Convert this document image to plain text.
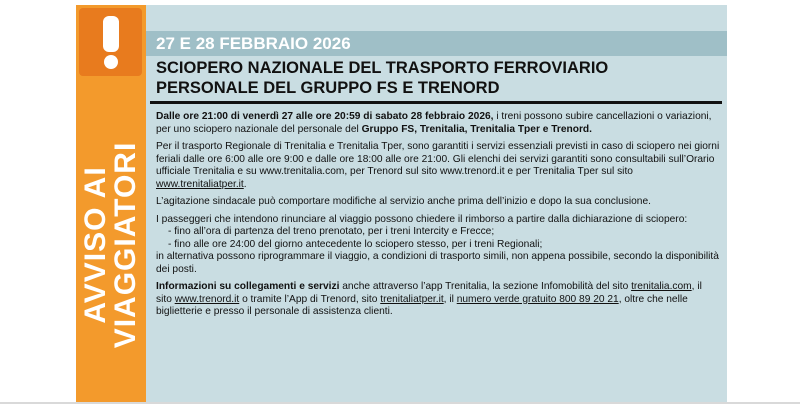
AVVISO AI
VIAGGIATORI
27 E 28 FEBBRAIO 2026
SCIOPERO NAZIONALE DEL TRASPORTO FERROVIARIO
PERSONALE DEL GRUPPO FS E TRENORD

Dalle ore 21:00 di venerdì 27 alle ore 20:59 di sabato 28 febbraio 2026, i treni possono subire cancellazioni o variazioni, per uno sciopero nazionale del personale del Gruppo FS, Trenitalia, Trenitalia Tper e Trenord.

Per il trasporto Regionale di Trenitalia e Trenitalia Tper, sono garantiti i servizi essenziali previsti in caso di sciopero nei giorni feriali dalle ore 6:00 alle ore 9:00 e dalle ore 18:00 alle ore 21:00. Gli elenchi dei servizi garantiti sono consultabili sull’Orario ufficiale Trenitalia e su www.trenitalia.com, per Trenord sul sito www.trenord.it e per Trenitalia Tper sul sito www.trenitaliatper.it.

L’agitazione sindacale può comportare modifiche al servizio anche prima dell’inizio e dopo la sua conclusione.

I passeggeri che intendono rinunciare al viaggio possono chiedere il rimborso a partire dalla dichiarazione di sciopero:

- fino all’ora di partenza del treno prenotato, per i treni Intercity e Frecce;

- fino alle ore 24:00 del giorno antecedente lo sciopero stesso, per i treni Regionali;

in alternativa possono riprogrammare il viaggio, a condizioni di trasporto simili, non appena possibile, secondo la disponibilità dei posti.

Informazioni su collegamenti e servizi anche attraverso l’app Trenitalia, la sezione Infomobilità del sito trenitalia.com, il sito www.trenord.it o tramite l’App di Trenord, sito trenitaliatper.it, il numero verde gratuito 800 89 20 21, oltre che nelle biglietterie e presso il personale di assistenza clienti.
